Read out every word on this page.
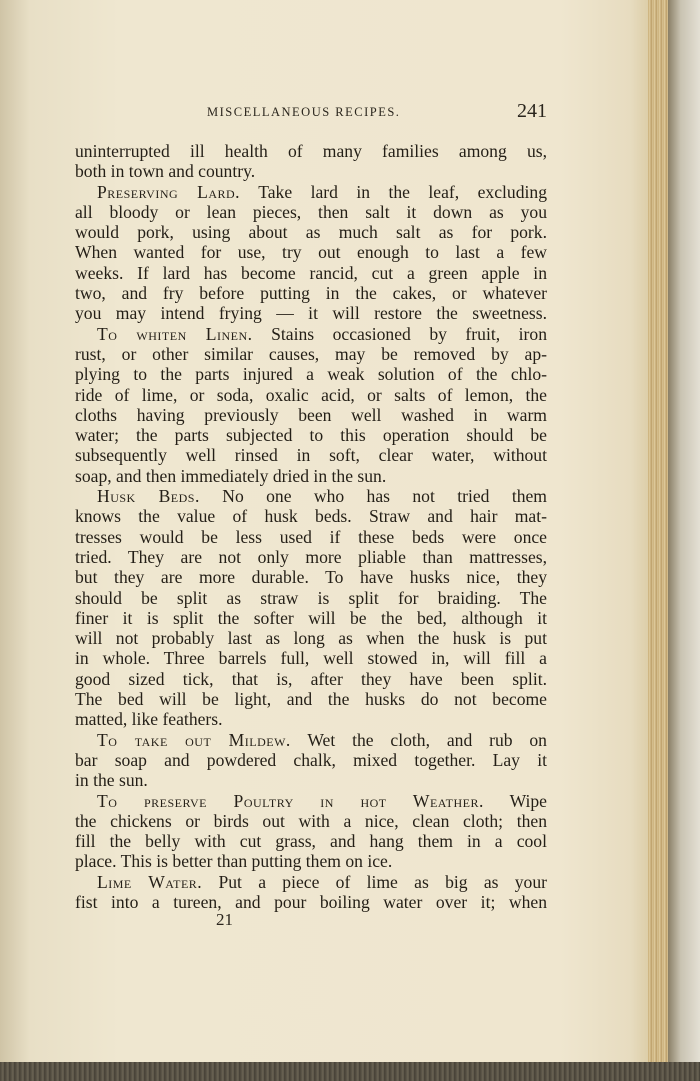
MISCELLANEOUS RECIPES.	241
uninterrupted ill health of many families among us,
both in town and country.
Preserving Lard. Take lard in the leaf, excluding
all bloody or lean pieces, then salt it down as you
would pork, using about as much salt as for pork.
When wanted for use, try out enough to last a few
weeks. If lard has become rancid, cut a green apple in
two, and fry before putting in the cakes, or whatever
you may intend frying — it will restore the sweetness.
To whiten Linen. Stains occasioned by fruit, iron
rust, or other similar causes, may be removed by ap-
plying to the parts injured a weak solution of the chlo-
ride of lime, or soda, oxalic acid, or salts of lemon, the
cloths having previously been well washed in warm
water; the parts subjected to this operation should be
subsequently well rinsed in soft, clear water, without
soap, and then immediately dried in the sun.
Husk Beds. No one who has not tried them
knows the value of husk beds. Straw and hair mat-
tresses would be less used if these beds were once
tried. They are not only more pliable than mattresses,
but they are more durable. To have husks nice, they
should be split as straw is split for braiding. The
finer it is split the softer will be the bed, although it
will not probably last as long as when the husk is put
in whole. Three barrels full, well stowed in, will fill a
good sized tick, that is, after they have been split.
The bed will be light, and the husks do not become
matted, like feathers.
To take out Mildew. Wet the cloth, and rub on
bar soap and powdered chalk, mixed together. Lay it
in the sun.
To preserve Poultry in hot Weather. Wipe
the chickens or birds out with a nice, clean cloth; then
fill the belly with cut grass, and hang them in a cool
place. This is better than putting them on ice.
Lime Water. Put a piece of lime as big as your
fist into a tureen, and pour boiling water over it; when
21
